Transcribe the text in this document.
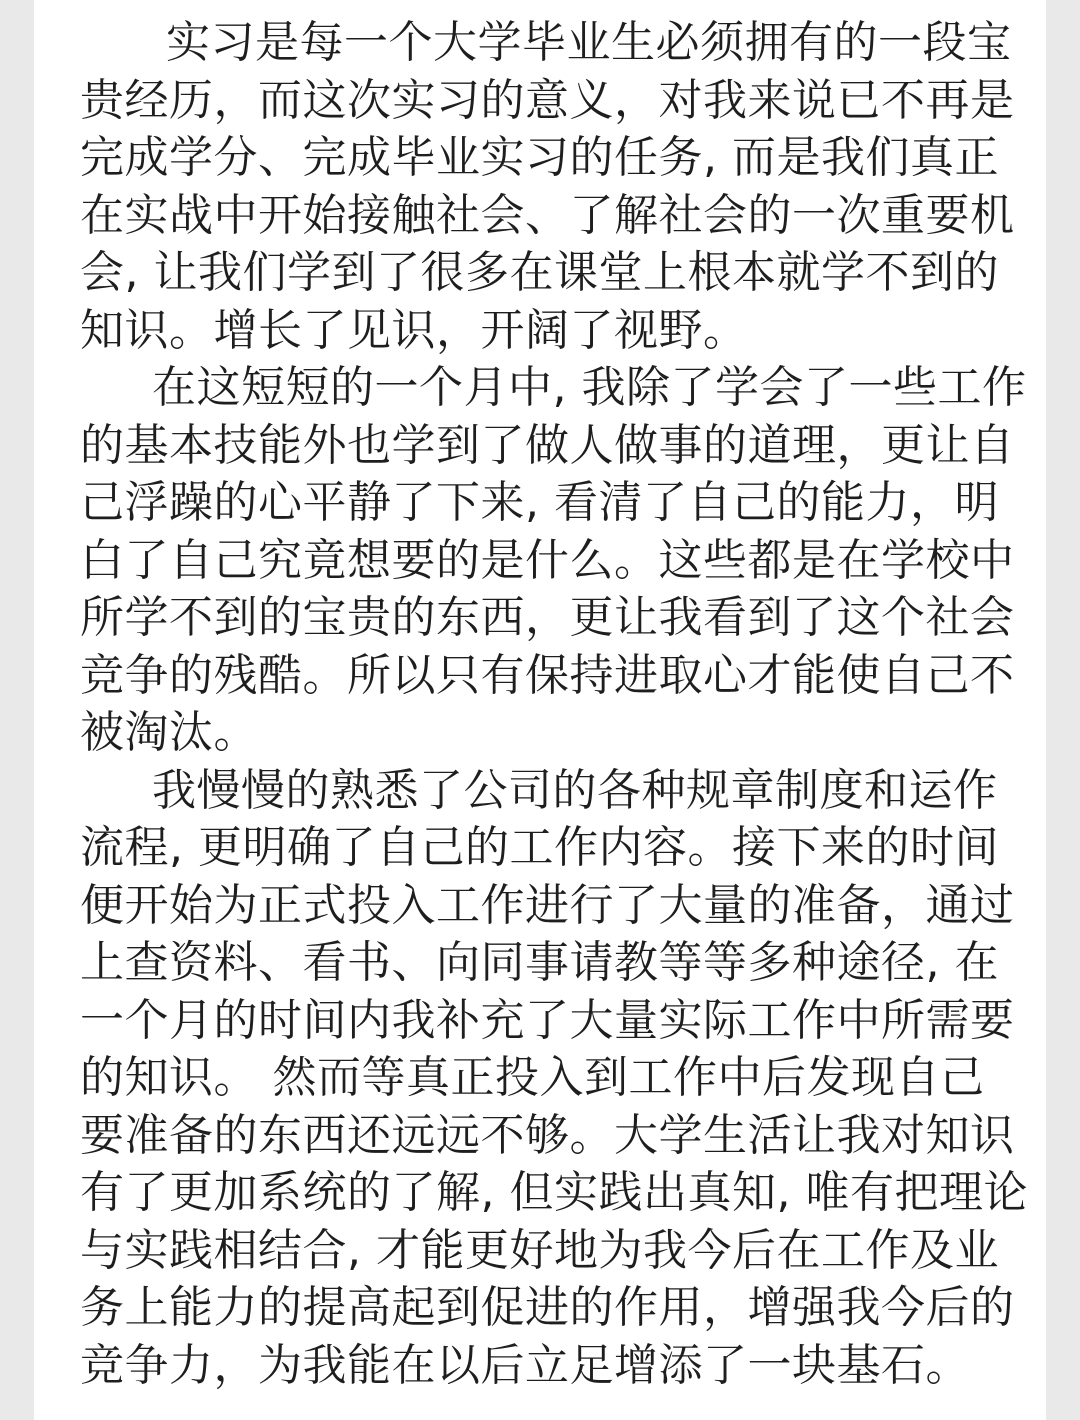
实习是每一个大学毕业生必须拥有的一段宝
贵经历，而这次实习的意义，对我来说已不再是
完成学分、完成毕业实习的任务, 而是我们真正
在实战中开始接触社会、了解社会的一次重要机
会, 让我们学到了很多在课堂上根本就学不到的
知识。增长了见识，开阔了视野。
在这短短的一个月中, 我除了学会了一些工作
的基本技能外也学到了做人做事的道理，更让自
己浮躁的心平静了下来, 看清了自己的能力，明
白了自己究竟想要的是什么。这些都是在学校中
所学不到的宝贵的东西，更让我看到了这个社会
竞争的残酷。所以只有保持进取心才能使自己不
被淘汰。
我慢慢的熟悉了公司的各种规章制度和运作
流程, 更明确了自己的工作内容。接下来的时间
便开始为正式投入工作进行了大量的准备，通过
上查资料、看书、向同事请教等等多种途径, 在
一个月的时间内我补充了大量实际工作中所需要
的知识。 然而等真正投入到工作中后发现自己
要准备的东西还远远不够。大学生活让我对知识
有了更加系统的了解, 但实践出真知, 唯有把理论
与实践相结合, 才能更好地为我今后在工作及业
务上能力的提高起到促进的作用，增强我今后的
竞争力，为我能在以后立足增添了一块基石。
